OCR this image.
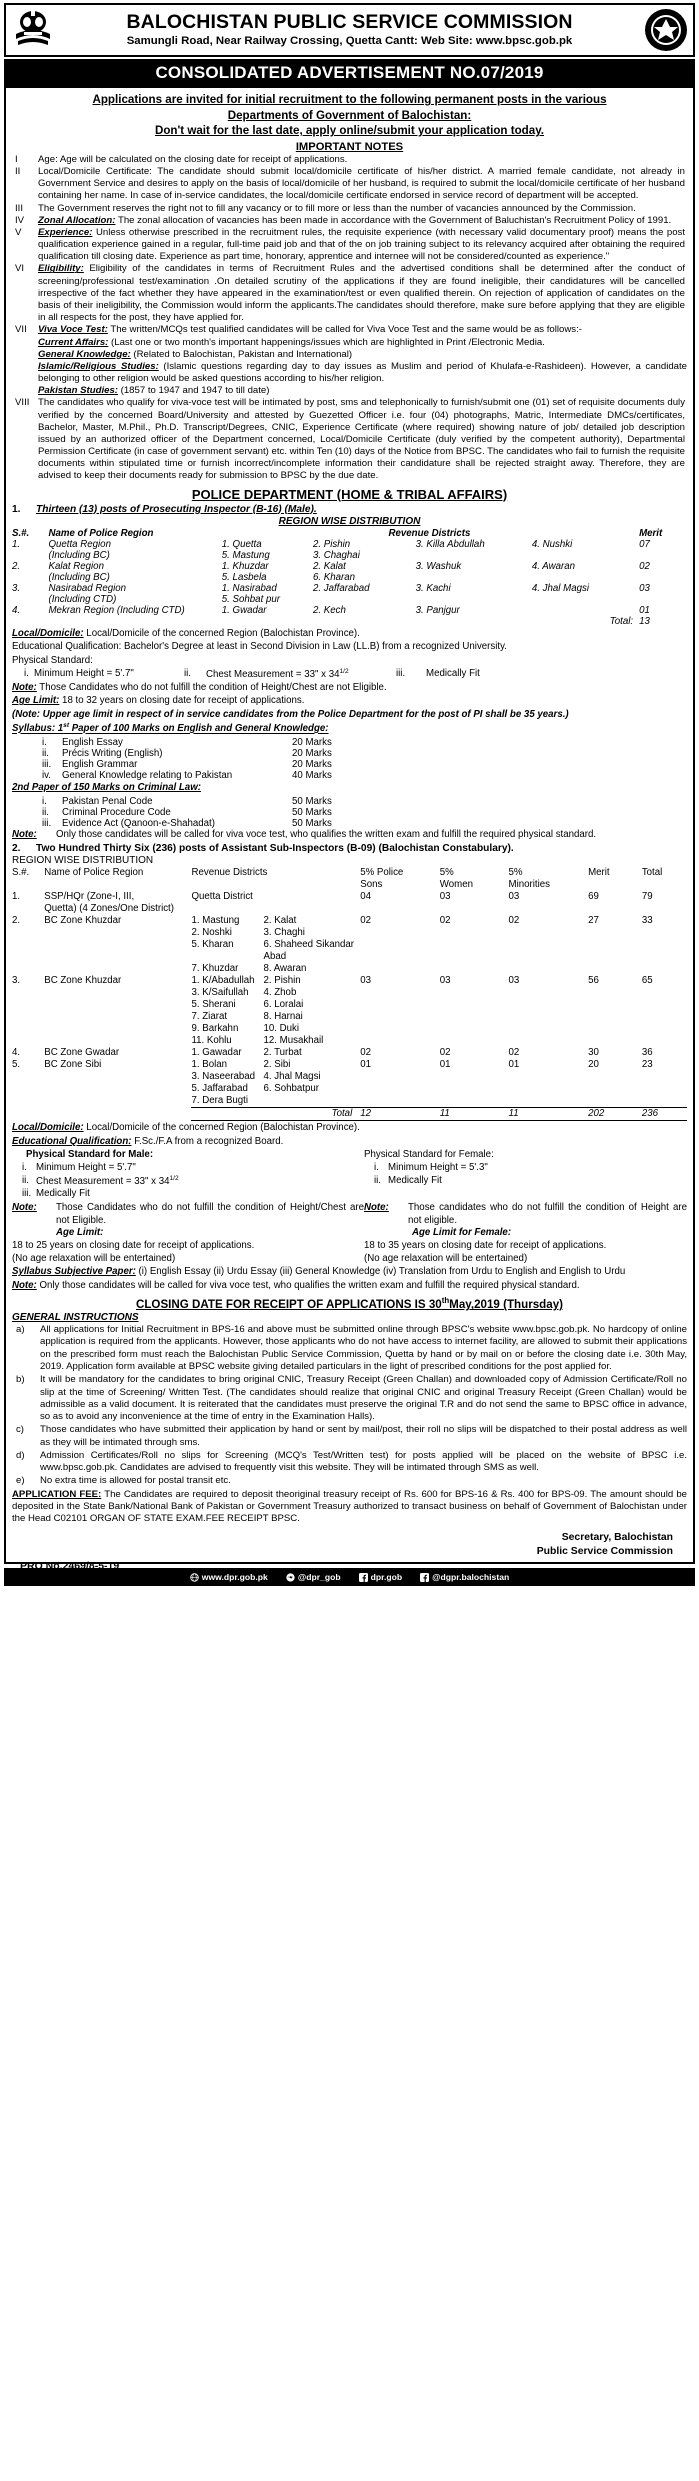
BALOCHISTAN PUBLIC SERVICE COMMISSION
Samungli Road, Near Railway Crossing, Quetta Cantt: Web Site: www.bpsc.gob.pk
CONSOLIDATED ADVERTISEMENT NO.07/2019
Applications are invited for initial recruitment to the following permanent posts in the various
Departments of Government of Balochistan:
Don't wait for the last date, apply online/submit your application today.
IMPORTANT NOTES
I	Age: Age will be calculated on the closing date for receipt of applications.
II	Local/Domicile Certificate: The candidate should submit local/domicile certificate of his/her district. A married female candidate, not already in Government Service and desires to apply on the basis of local/domicile of her husband, is required to submit the local/domicile certificate of her husband containing her name. In case of in-service candidates, the local/domicile certificate endorsed in service record of department will be accepted.
III	The Government reserves the right not to fill any vacancy or to fill more or less than the number of vacancies announced by the Commission.
IV	Zonal Allocation: The zonal allocation of vacancies has been made in accordance with the Government of Baluchistan's Recruitment Policy of 1991.
V	Experience: Unless otherwise prescribed in the recruitment rules, the requisite experience (with necessary valid documentary proof) means the post qualification experience gained in a regular, full-time paid job and that of the on job training subject to its relevancy acquired after obtaining the required qualification till closing date. Experience as part time, honorary, apprentice and internee will not be considered/counted as experience."
VI	Eligibility: Eligibility of the candidates in terms of Recruitment Rules and the advertised conditions shall be determined after the conduct of screening/professional test/examination .On detailed scrutiny of the applications if they are found ineligible, their candidatures will be cancelled irrespective of the fact whether they have appeared in the examination/test or even qualified therein. On rejection of application of candidates on the basis of their ineligibility, the Commission would inform the applicants.The candidates should therefore, make sure before applying that they are eligible in all respects for the post, they have applied for.
VII	Viva Voce Test: The written/MCQs test qualified candidates will be called for Viva Voce Test and the same would be as follows:-
Current Affairs: (Last one or two month's important happenings/issues which are highlighted in Print /Electronic Media.
General Knowledge: (Related to Balochistan, Pakistan and International)
Islamic/Religious Studies: (Islamic questions regarding day to day issues as Muslim and period of Khulafa-e-Rashideen). However, a candidate belonging to other religion would be asked questions according to his/her religion.
Pakistan Studies: (1857 to 1947 and 1947 to till date)
VIII The candidates who qualify for viva-voce test will be intimated by post, sms and telephonically to furnish/submit one (01) set of requisite documents duly verified by the concerned Board/University and attested by Guezetted Officer i.e. four (04) photographs, Matric, Intermediate DMCs/certificates, Bachelor, Master, M.Phil., Ph.D. Transcript/Degrees, CNIC, Experience Certificate (where required) showing nature of job/ detailed job description issued by an authorized officer of the Department concerned, Local/Domicile Certificate (duly verified by the competent authority), Departmental Permission Certificate (in case of government servant) etc. within Ten (10) days of the Notice from BPSC. The candidates who fail to furnish the requisite documents within stipulated time or furnish incorrect/incomplete information their candidature shall be rejected straight away. Therefore, they are advised to keep their documents ready for submission to BPSC by the due date.
POLICE DEPARTMENT (HOME & TRIBAL AFFAIRS)
1.	Thirteen (13) posts of Prosecuting Inspector (B-16) (Male).
REGION WISE DISTRIBUTION
S.#.	Name of Police Region	Revenue Districts				Merit
1.	Quetta Region	1. Quetta	2. Pishin	3. Killa Abdullah	4. Nushki	07
	(Including BC)	5. Mastung	3. Chaghai			
2.	Kalat Region	1. Khuzdar	2. Kalat	3. Washuk	4. Awaran	02
	(Including BC)	5. Lasbela	6. Kharan			
3.	Nasirabad Region	1. Nasirabad	2. Jaffarabad	3. Kachi	4. Jhal Magsi	03
	(Including CTD)	5. Sohbat pur				
4.	Mekran Region (Including CTD)	1. Gwadar	2. Kech	3. Panjgur		01
					Total:	13
Local/Domicile: Local/Domicile of the concerned Region (Balochistan Province).
Educational Qualification: Bachelor's Degree at least in Second Division in Law (LL.B) from a recognized University.
Physical Standard:
i. Minimum Height = 5'.7"	ii.	Chest Measurement = 33" x $34^{1/2}$	iii.	Medically Fit
Note: Those Candidates who do not fulfill the condition of Height/Chest are not Eligible.
Age Limit: 18 to 32 years on closing date for receipt of applications.
(Note: Upper age limit in respect of in service candidates from the Police Department for the post of PI shall be 35 years.)
Syllabus: 1st Paper of 100 Marks on English and General Knowledge:
i.	English Essay	20 Marks
ii.	Précis Writing (English)	20 Marks
iii.	English Grammar	20 Marks
iv.	General Knowledge relating to Pakistan	40 Marks
2nd Paper of 150 Marks on Criminal Law:
i.	Pakistan Penal Code	50 Marks
ii.	Criminal Procedure Code	50 Marks
iii.	Evidence Act (Qanoon-e-Shahadat)	50 Marks
Note:	Only those candidates will be called for viva voce test, who qualifies the written exam and fulfill the required physical standard.
2.	Two Hundred Thirty Six (236) posts of Assistant Sub-Inspectors (B-09) (Balochistan Constabulary).
REGION WISE DISTRIBUTION
S.#.	Name of Police Region	Revenue Districts	5% Police
Sons	5%
Women	5%
Minorities	Merit	Total
1.	SSP/HQr (Zone-I, III,	Quetta District	04	03	03	69	79
	Quetta) (4 Zones/One District)						
2.	BC Zone Khuzdar	1. Mastung	2. Kalat
2. Noshki	3. Chaghi
5. Kharan	6. Shaheed Sikandar Abad
7. Khuzdar	8. Awaran
	02	02	02	27	33
3.	BC Zone Khuzdar	1. K/Abadullah 2. Pishin
3. K/Saifullah	4. Zhob
5. Sherani	6. Loralai
7. Ziarat	8. Harnai
9. Barkahn	10. Duki
11. Kohlu	12. Musakhail
	03	03	03	56	65
4.	BC Zone Gwadar	1. Gawadar 2. Turbat	02	02	02	30	36
5.	BC Zone Sibi	1. Bolan	2. Sibi
3. Naseerabad 4. Jhal Magsi
5. Jaffarabad	6. Sohbatpur
7. Dera Bugti
	01	01	01	20	23
		Total	12	11	11	202	236
Local/Domicile: Local/Domicile of the concerned Region (Balochistan Province).
Educational Qualification: F.Sc./F.A from a recognized Board.
Physical Standard for Male:
i. Minimum Height = 5'.7"
ii. Chest Measurement = 33" x $34^{1/2}$
iii. Medically Fit
Physical Standard for Female:
i. Minimum Height = 5'.3"
ii. Medically Fit
Note:	Those Candidates who do not fulfill the condition of Height/Chest are not Eligible.
Note:	Those candidates who do not fulfill the condition of Height are not eligible.
Age Limit:
18 to 25 years on closing date for receipt of applications.
(No age relaxation will be entertained)
Age Limit for Female:
18 to 35 years on closing date for receipt of applications.
(No age relaxation will be entertained)
Syllabus Subjective Paper: (i) English Essay (ii) Urdu Essay (iii) General Knowledge (iv) Translation from Urdu to English and English to Urdu
Note: Only those candidates will be called for viva voce test, who qualifies the written exam and fulfill the required physical standard.
CLOSING DATE FOR RECEIPT OF APPLICATIONS IS 30thMay,2019 (Thursday)
GENERAL INSTRUCTIONS
a)	All applications for Initial Recruitment in BPS-16 and above must be submitted online through BPSC's website www.bpsc.gob.pk. No hardcopy of online application is required from the applicants. However, those applicants who do not have access to internet facility, are allowed to submit their applications on the prescribed form must reach the Balochistan Public Service Commission, Quetta by hand or by mail on or before the closing date i.e. 30th May, 2019. Application form available at BPSC website giving detailed particulars in the light of prescribed conditions for the post applied for.
b)	It will be mandatory for the candidates to bring original CNIC, Treasury Receipt (Green Challan) and downloaded copy of Admission Certificate/Roll no slip at the time of Screening/ Written Test. (The candidates should realize that original CNIC and original Treasury Receipt (Green Challan) would be admissible as a valid document. It is reiterated that the candidates must preserve the original T.R and do not send the same to BPSC office in advance, so as to avoid any inconvenience at the time of entry in the Examination Halls).
c)	Those candidates who have submitted their application by hand or sent by mail/post, their roll no slips will be dispatched to their postal address as well as they will be intimated through sms.
d)	Admission Certificates/Roll no slips for Screening (MCQ's Test/Written test) for posts applied will be placed on the website of BPSC i.e. www.bpsc.gob.pk. Candidates are advised to frequently visit this website. They will be intimated through SMS as well.
e)	No extra time is allowed for postal transit etc.
APPLICATION FEE: The Candidates are required to deposit theoriginal treasury receipt of Rs. 600 for BPS-16 & Rs. 400 for BPS-09. The amount should be deposited in the State Bank/National Bank of Pakistan or Government Treasury authorized to transact business on behalf of Government of Balochistan under the Head C02101 ORGAN OF STATE EXAM.FEE RECEIPT BPSC.
Secretary, Balochistan
Public Service Commission
PRQ No.2469/8-5-19
www.dpr.gob.pk	@dpr_gob	dpr.gob	@dgpr.balochistan
